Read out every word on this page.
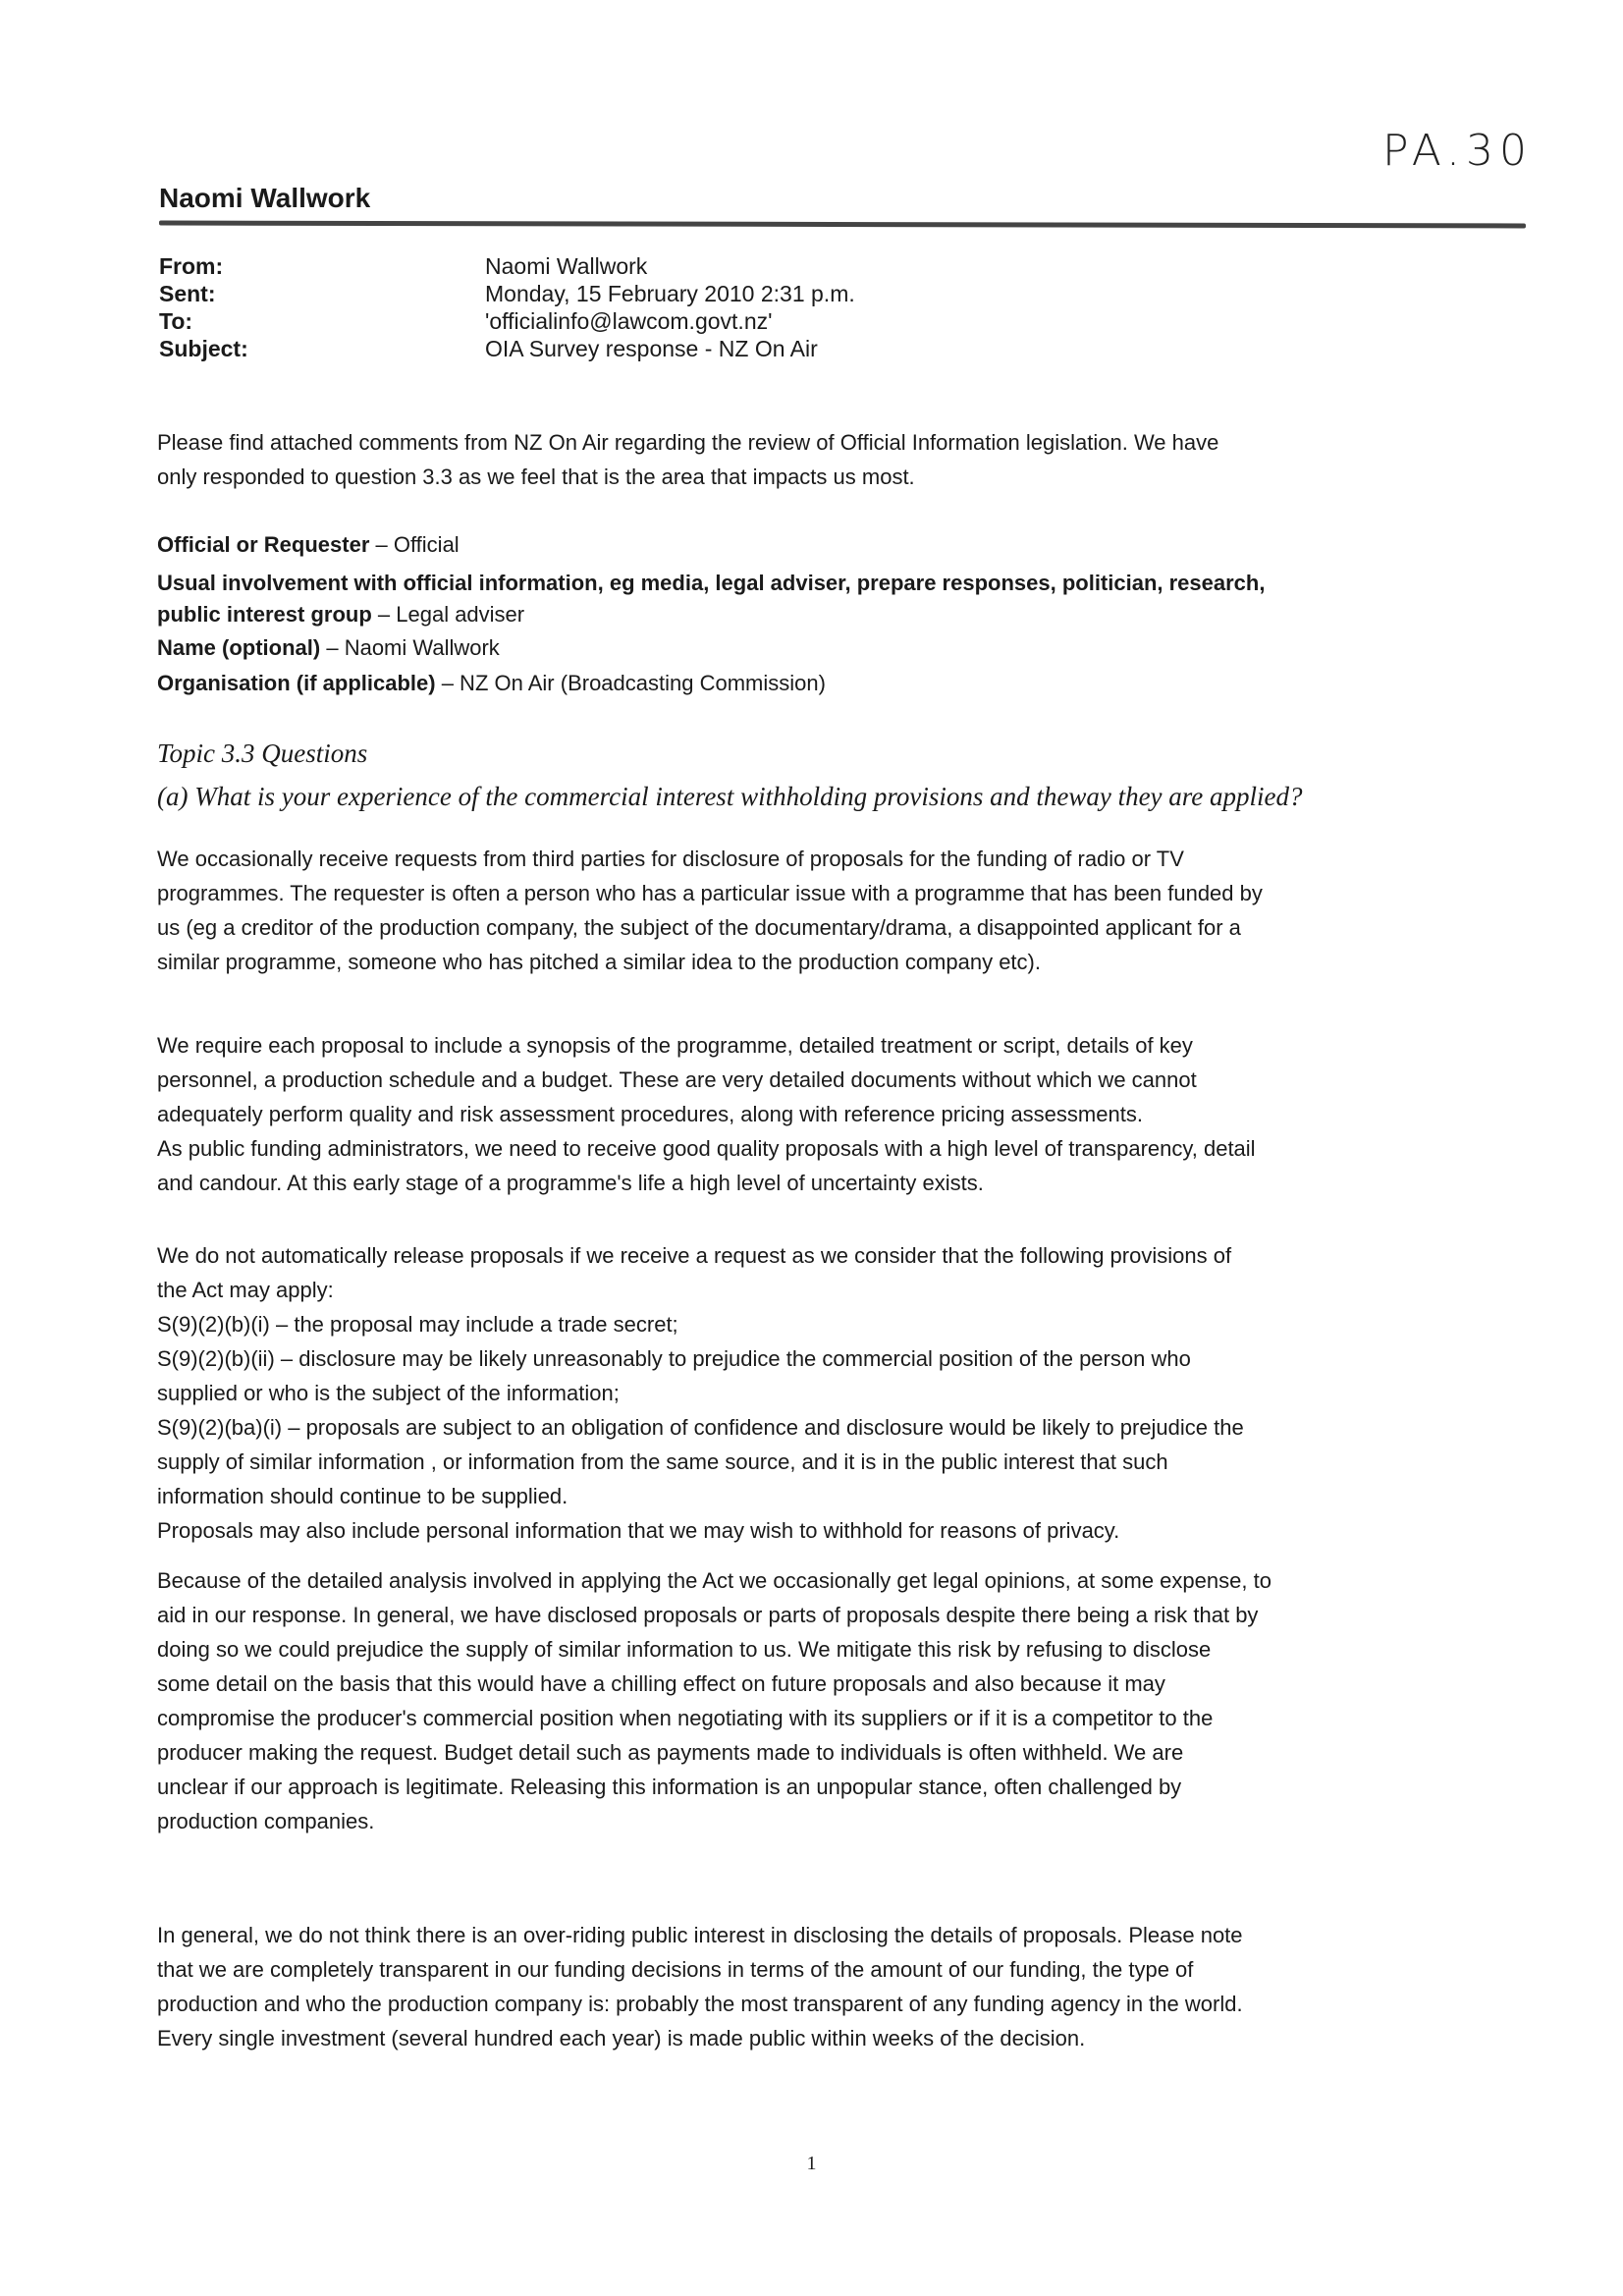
PA.30
Naomi Wallwork
From:	Naomi Wallwork
Sent:	Monday, 15 February 2010 2:31 p.m.
To:	'officialinfo@lawcom.govt.nz'
Subject:	OIA Survey response - NZ On Air
Please find attached comments from NZ On Air regarding the review of Official Information legislation. We have
only responded to question 3.3 as we feel that is the area that impacts us most.
Official or Requester – Official
Usual involvement with official information, eg media, legal adviser, prepare responses, politician, research,
public interest group – Legal adviser
Name (optional) – Naomi Wallwork
Organisation (if applicable) – NZ On Air (Broadcasting Commission)
We occasionally receive requests from third parties for disclosure of proposals for the funding of radio or TV
programmes. The requester is often a person who has a particular issue with a programme that has been funded by
us (eg a creditor of the production company, the subject of the documentary/drama, a disappointed applicant for a
similar programme, someone who has pitched a similar idea to the production company etc).
We require each proposal to include a synopsis of the programme, detailed treatment or script, details of key
personnel, a production schedule and a budget. These are very detailed documents without which we cannot
adequately perform quality and risk assessment procedures, along with reference pricing assessments.
As public funding administrators, we need to receive good quality proposals with a high level of transparency, detail
and candour. At this early stage of a programme's life a high level of uncertainty exists.
We do not automatically release proposals if we receive a request as we consider that the following provisions of
the Act may apply:
S(9)(2)(b)(i) – the proposal may include a trade secret;
S(9)(2)(b)(ii) – disclosure may be likely unreasonably to prejudice the commercial position of the person who
supplied or who is the subject of the information;
S(9)(2)(ba)(i) – proposals are subject to an obligation of confidence and disclosure would be likely to prejudice the
supply of similar information , or information from the same source, and it is in the public interest that such
information should continue to be supplied.
Proposals may also include personal information that we may wish to withhold for reasons of privacy.
Because of the detailed analysis involved in applying the Act we occasionally get legal opinions, at some expense, to
aid in our response. In general, we have disclosed proposals or parts of proposals despite there being a risk that by
doing so we could prejudice the supply of similar information to us. We mitigate this risk by refusing to disclose
some detail on the basis that this would have a chilling effect on future proposals and also because it may
compromise the producer's commercial position when negotiating with its suppliers or if it is a competitor to the
producer making the request. Budget detail such as payments made to individuals is often withheld. We are
unclear if our approach is legitimate. Releasing this information is an unpopular stance, often challenged by
production companies.
In general, we do not think there is an over-riding public interest in disclosing the details of proposals. Please note
that we are completely transparent in our funding decisions in terms of the amount of our funding, the type of
production and who the production company is: probably the most transparent of any funding agency in the world.
Every single investment (several hundred each year) is made public within weeks of the decision.
Topic 3.3 Questions
(a) What is your experience of the commercial interest withholding provisions and theway they are applied?
1
